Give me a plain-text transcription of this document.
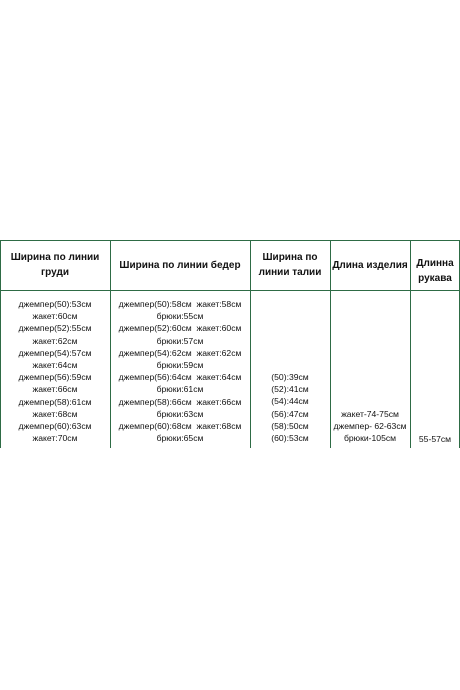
Ширина по линии
груди
Ширина по линии бедер
Ширина по
линии талии
Длина изделия Длинна
рукава
джемпер(50):53см
жакет:60см
джемпер(52):55см
жакет:62см
джемпер(54):57см
жакет:64см
джемпер(56):59см
жакет:66см
джемпер(58):61см
жакет:68см
джемпер(60):63см
жакет:70см
джемпер(50):58см  жакет:58см
брюки:55см
джемпер(52):60см  жакет:60см
брюки:57см
джемпер(54):62см  жакет:62см
брюки:59см
джемпер(56):64см  жакет:64см
брюки:61см
джемпер(58):66см  жакет:66см
брюки:63см
джемпер(60):68см  жакет:68см
брюки:65см
(50):39см
(52):41см
(54):44см
(56):47см
(58):50см
(60):53см
жакет-74-75см
джемпер- 62-63см
брюки-105см	55-57см
